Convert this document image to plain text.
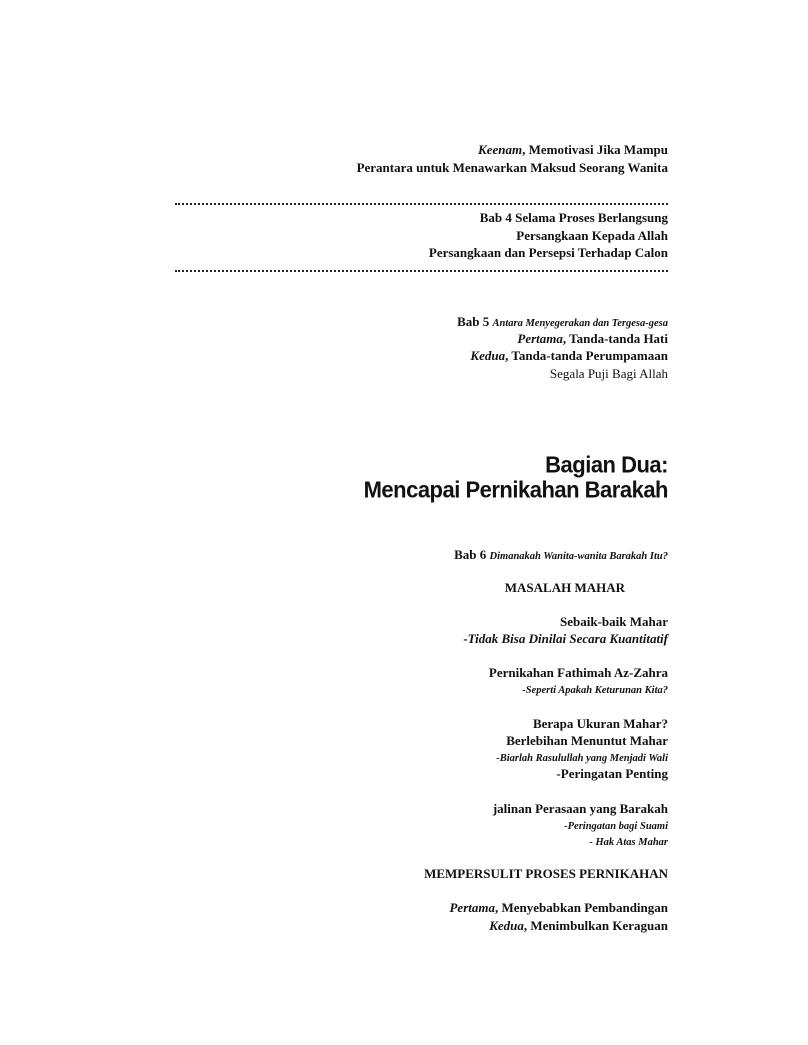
Keenam, Memotivasi Jika Mampu
Perantara untuk Menawarkan Maksud Seorang Wanita
Bab 4 Selama Proses Berlangsung
Persangkaan Kepada Allah
Persangkaan dan Persepsi Terhadap Calon
Bab 5 Antara Menyegerakan dan Tergesa-gesa
Pertama, Tanda-tanda Hati
Kedua, Tanda-tanda Perumpamaan
Segala Puji Bagi Allah
Bagian Dua:
Mencapai Pernikahan Barakah
Bab 6 Dimanakah Wanita-wanita Barakah Itu?
MASALAH MAHAR
Sebaik-baik Mahar
-Tidak Bisa Dinilai Secara Kuantitatif
Pernikahan Fathimah Az-Zahra
-Seperti Apakah Keturunan Kita?
Berapa Ukuran Mahar?
Berlebihan Menuntut Mahar
-Biarlah Rasulullah yang Menjadi Wali
-Peringatan Penting
jalinan Perasaan yang Barakah
-Peringatan bagi Suami
- Hak Atas Mahar
MEMPERSULIT PROSES PERNIKAHAN
Pertama, Menyebabkan Pembandingan
Kedua, Menimbulkan Keraguan
